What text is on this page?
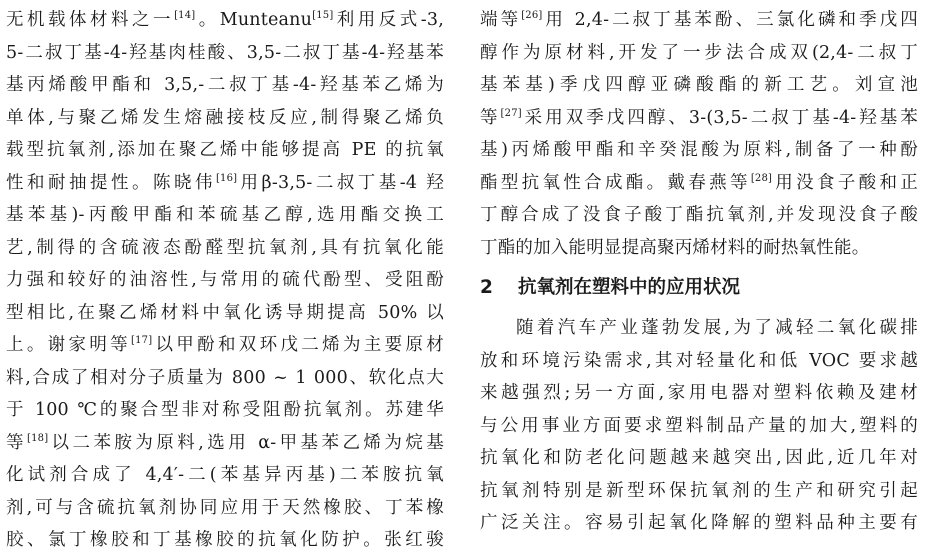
无机载体材料之一[14]。Munteanu[15]利用反式-3,
5-二叔丁基-4-羟基肉桂酸、3,5-二叔丁基-4-羟基苯
基丙烯酸甲酯和 3,5,-二叔丁基-4-羟基苯乙烯为
单体,与聚乙烯发生熔融接枝反应,制得聚乙烯负
载型抗氧剂,添加在聚乙烯中能够提高 PE 的抗氧
性和耐抽提性。陈晓伟[16]用β-3,5-二叔丁基-4 羟
基苯基)-丙酸甲酯和苯硫基乙醇,选用酯交换工
艺,制得的含硫液态酚醛型抗氧剂,具有抗氧化能
力强和较好的油溶性,与常用的硫代酚型、受阻酚
型相比,在聚乙烯材料中氧化诱导期提高 50% 以
上。谢家明等[17]以甲酚和双环戊二烯为主要原材
料,合成了相对分子质量为 800 ~ 1 000、软化点大
于 100 ℃的聚合型非对称受阻酚抗氧剂。苏建华
等[18]以二苯胺为原料,选用 α-甲基苯乙烯为烷基
化试剂合成了 4,4′-二(苯基异丙基)二苯胺抗氧
剂,可与含硫抗氧剂协同应用于天然橡胶、丁苯橡
胶、氯丁橡胶和丁基橡胶的抗氧化防护。张红骏
端等[26]用 2,4-二叔丁基苯酚、三氯化磷和季戊四
醇作为原材料,开发了一步法合成双(2,4-二叔丁
基苯基)季戊四醇亚磷酸酯的新工艺。刘宣池
等[27]采用双季戊四醇、3-(3,5-二叔丁基-4-羟基苯
基)丙烯酸甲酯和辛癸混酸为原料,制备了一种酚
酯型抗氧性合成酯。戴春燕等[28]用没食子酸和正
丁醇合成了没食子酸丁酯抗氧剂,并发现没食子酸
丁酯的加入能明显提高聚丙烯材料的耐热氧性能。
2 抗氧剂在塑料中的应用状况
随着汽车产业蓬勃发展,为了减轻二氧化碳排
放和环境污染需求,其对轻量化和低 VOC 要求越
来越强烈;另一方面,家用电器对塑料依赖及建材
与公用事业方面要求塑料制品产量的加大,塑料的
抗氧化和防老化问题越来越突出,因此,近几年对
抗氧剂特别是新型环保抗氧剂的生产和研究引起
广泛关注。容易引起氧化降解的塑料品种主要有
